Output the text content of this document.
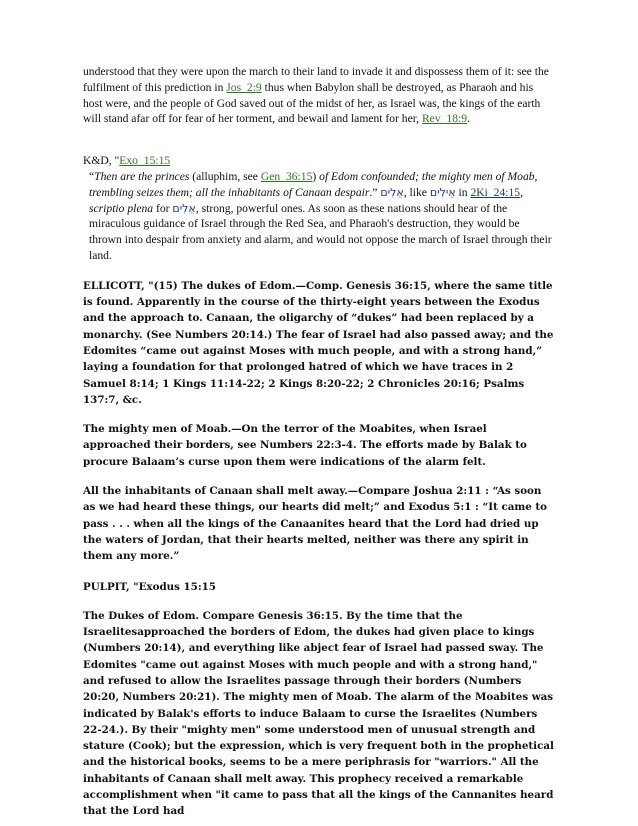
understood that they were upon the march to their land to invade it and dispossess them of it: see the fulfilment of this prediction in Jos_2:9 thus when Babylon shall be destroyed, as Pharaoh and his host were, and the people of God saved out of the midst of her, as Israel was, the kings of the earth will stand afar off for fear of her torment, and bewail and lament for her, Rev_18:9.

K&D, "Exo_15:15

“Then are the princes (alluphim, see Gen_36:15) of Edom confounded; the mighty men of Moab, trembling seizes them; all the inhabitants of Canaan despair.” אֵלִים, like אֵילִים in 2Ki_24:15, scriptio plena for אֵלִים, strong, powerful ones. As soon as these nations should hear of the miraculous guidance of Israel through the Red Sea, and Pharaoh's destruction, they would be thrown into despair from anxiety and alarm, and would not oppose the march of Israel through their land.

ELLICOTT, "(15) The dukes of Edom.—Comp. Genesis 36:15, where the same title is found. Apparently in the course of the thirty-eight years between the Exodus and the approach to. Canaan, the oligarchy of “dukes” had been replaced by a monarchy. (See Numbers 20:14.) The fear of Israel had also passed away; and the Edomites “came out against Moses with much people, and with a strong hand,” laying a foundation for that prolonged hatred of which we have traces in 2 Samuel 8:14; 1 Kings 11:14-22; 2 Kings 8:20-22; 2 Chronicles 20:16; Psalms 137:7, &c.

The mighty men of Moab.—On the terror of the Moabites, when Israel approached their borders, see Numbers 22:3-4. The efforts made by Balak to procure Balaam’s curse upon them were indications of the alarm felt.

All the inhabitants of Canaan shall melt away.—Compare Joshua 2:11 : “As soon as we had heard these things, our hearts did melt;” and Exodus 5:1 : “It came to pass . . . when all the kings of the Canaanites heard that the Lord had dried up the waters of Jordan, that their hearts melted, neither was there any spirit in them any more.”

PULPIT, "Exodus 15:15

The Dukes of Edom. Compare Genesis 36:15. By the time that the Israelitesapproached the borders of Edom, the dukes had given place to kings (Numbers 20:14), and everything like abject fear of Israel had passed sway. The Edomites "came out against Moses with much people and with a strong hand," and refused to allow the Israelites passage through their borders (Numbers 20:20, Numbers 20:21). The mighty men of Moab. The alarm of the Moabites was indicated by Balak's efforts to induce Balaam to curse the Israelites (Numbers 22-24.). By their "mighty men" some understood men of unusual strength and stature (Cook); but the expression, which is very frequent both in the prophetical and the historical books, seems to be a mere periphrasis for "warriors." All the inhabitants of Canaan shall melt away. This prophecy received a remarkable accomplishment when "it came to pass that all the kings of the Cannanites heard that the Lord had
